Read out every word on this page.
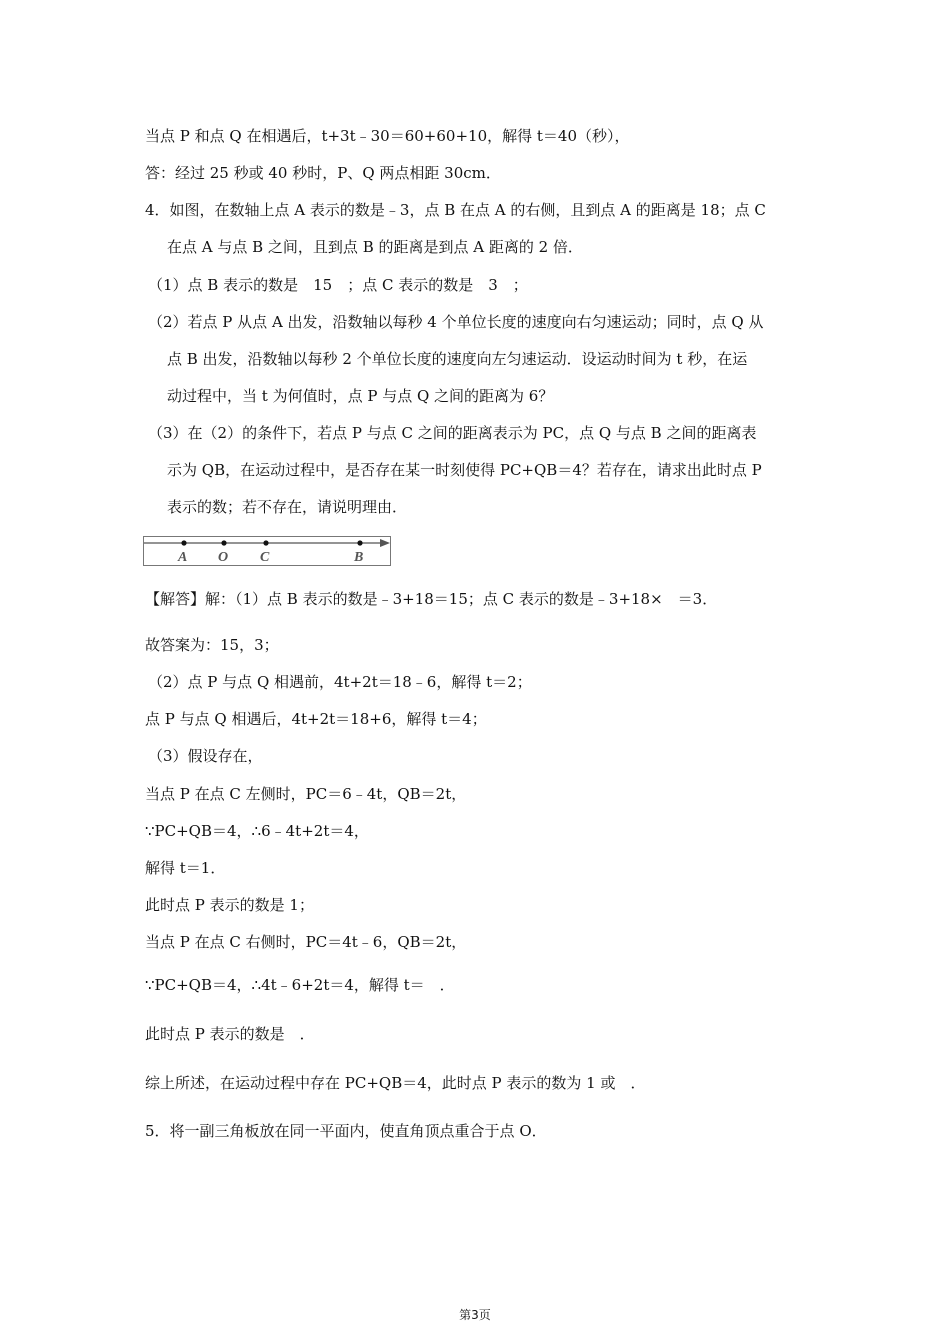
当点 P 和点 Q 在相遇后，t+3t﹣30＝60+60+10，解得 t＝40（秒），
答：经过 25 秒或 40 秒时，P、Q 两点相距 30cm．
4．如图，在数轴上点 A 表示的数是﹣3，点 B 在点 A 的右侧，且到点 A 的距离是 18；点 C
在点 A 与点 B 之间，且到点 B 的距离是到点 A 距离的 2 倍．
（1）点 B 表示的数是　15　；点 C 表示的数是　3　；
（2）若点 P 从点 A 出发，沿数轴以每秒 4 个单位长度的速度向右匀速运动；同时，点 Q 从
点 B 出发，沿数轴以每秒 2 个单位长度的速度向左匀速运动．设运动时间为 t 秒，在运
动过程中，当 t 为何值时，点 P 与点 Q 之间的距离为 6？
（3）在（2）的条件下，若点 P 与点 C 之间的距离表示为 PC，点 Q 与点 B 之间的距离表
示为 QB，在运动过程中，是否存在某一时刻使得 PC+QB＝4？若存在，请求出此时点 P
表示的数；若不存在，请说明理由．
A O C	B
【解答】解：（1）点 B 表示的数是﹣3+18＝15；点 C 表示的数是﹣3+18×　＝3．
故答案为：15，3；
（2）点 P 与点 Q 相遇前，4t+2t＝18﹣6，解得 t＝2；
点 P 与点 Q 相遇后，4t+2t＝18+6，解得 t＝4；
（3）假设存在，
当点 P 在点 C 左侧时，PC＝6﹣4t，QB＝2t，
∵PC+QB＝4，∴6﹣4t+2t＝4，
解得 t＝1．
此时点 P 表示的数是 1；
当点 P 在点 C 右侧时，PC＝4t﹣6，QB＝2t，
∵PC+QB＝4，∴4t﹣6+2t＝4，解得 t＝　．
此时点 P 表示的数是　．
综上所述，在运动过程中存在 PC+QB＝4，此时点 P 表示的数为 1 或　．
5．将一副三角板放在同一平面内，使直角顶点重合于点 O．
第3页
